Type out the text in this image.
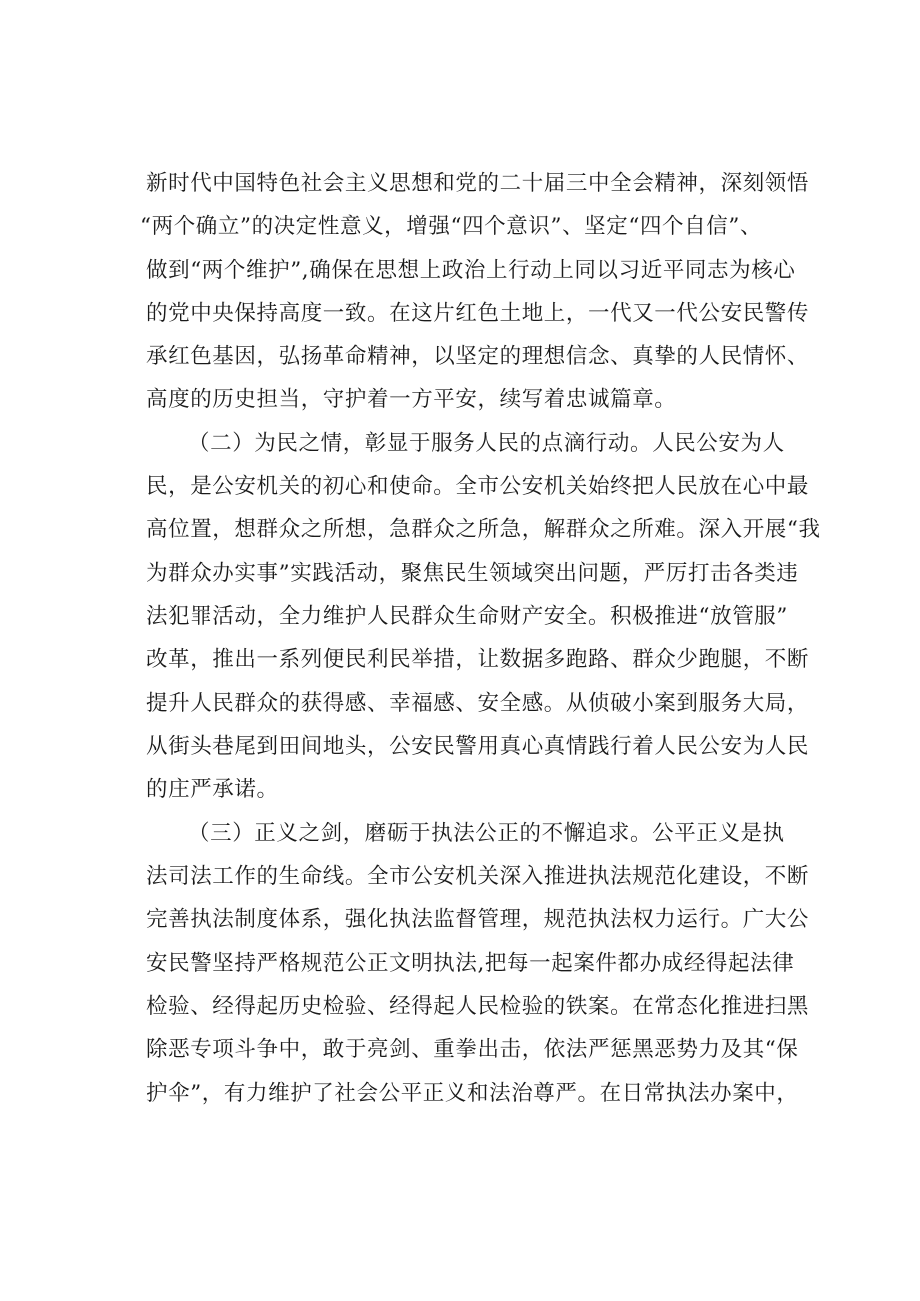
新时代中国特色社会主义思想和党的二十届三中全会精神，深刻领悟
“两个确立”的决定性意义，增强“四个意识”、坚定“四个自信”、
做到“两个维护”,确保在思想上政治上行动上同以习近平同志为核心
的党中央保持高度一致。在这片红色土地上，一代又一代公安民警传
承红色基因，弘扬革命精神，以坚定的理想信念、真挚的人民情怀、
高度的历史担当，守护着一方平安，续写着忠诚篇章。
（二）为民之情，彰显于服务人民的点滴行动。人民公安为人
民，是公安机关的初心和使命。全市公安机关始终把人民放在心中最
高位置，想群众之所想，急群众之所急，解群众之所难。深入开展“我
为群众办实事”实践活动，聚焦民生领域突出问题，严厉打击各类违
法犯罪活动，全力维护人民群众生命财产安全。积极推进“放管服”
改革，推出一系列便民利民举措，让数据多跑路、群众少跑腿，不断
提升人民群众的获得感、幸福感、安全感。从侦破小案到服务大局，
从街头巷尾到田间地头，公安民警用真心真情践行着人民公安为人民
的庄严承诺。
（三）正义之剑，磨砺于执法公正的不懈追求。公平正义是执
法司法工作的生命线。全市公安机关深入推进执法规范化建设，不断
完善执法制度体系，强化执法监督管理，规范执法权力运行。广大公
安民警坚持严格规范公正文明执法,把每一起案件都办成经得起法律
检验、经得起历史检验、经得起人民检验的铁案。在常态化推进扫黑
除恶专项斗争中，敢于亮剑、重拳出击，依法严惩黑恶势力及其“保
护伞”，有力维护了社会公平正义和法治尊严。在日常执法办案中，
